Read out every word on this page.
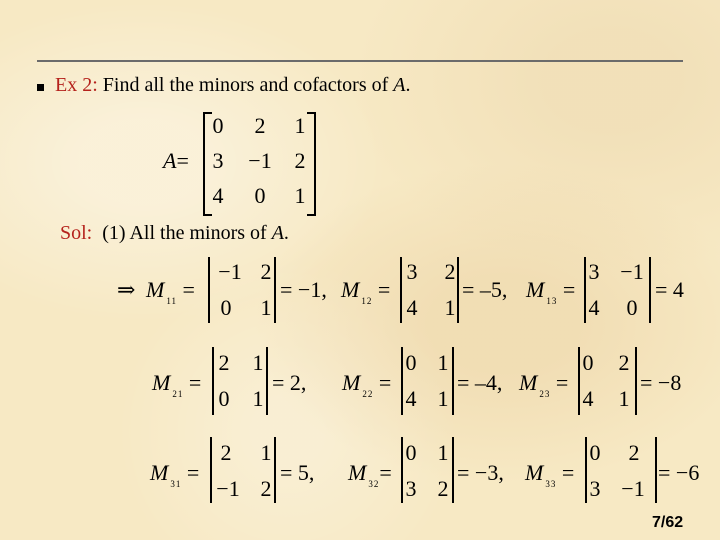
Ex 2: Find all the minors and cofactors of A.
A=
0	2	1
3	−1	2
4	0	1
Sol: (1) All the minors of A.
⇒ M $_{11}$ =
−1 2
0	1
= −1, M $_{12}$ =
3	2
4	1
= –5, M $_{13}$ =
3 −1
4	0
= 4
M $_{21}$ =
2	1
0	1
= 2, M $_{22}$ =
0 1
4 1
= –4, M $_{23}$ =
0	2
4	1
= −8
M $_{31}$ =
2	1
−1 2
= 5, M $_{32}$=
0 1
3 2
= −3, M $_{33}$ =
0	2
3 −1
= −6
7/62
